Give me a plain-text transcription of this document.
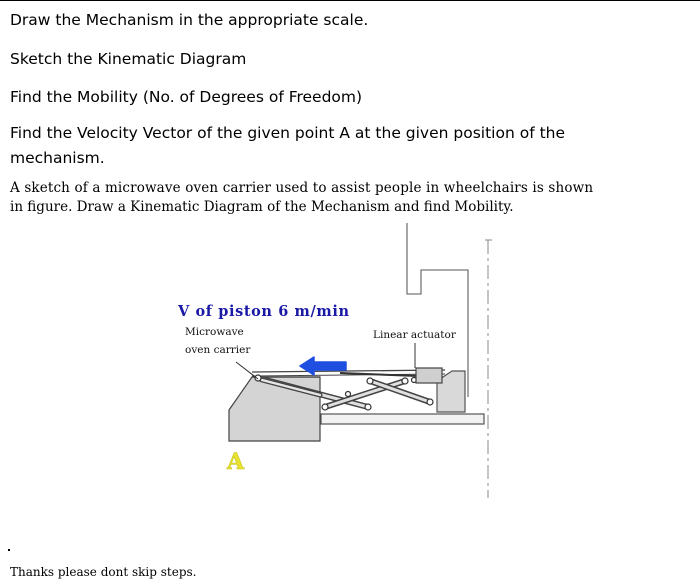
Draw the Mechanism in the appropriate scale.
Sketch the Kinematic Diagram
Find the Mobility (No. of Degrees of Freedom)
Find the Velocity Vector of the given point A at the given position of the
mechanism.
A sketch of a microwave oven carrier used to assist people in wheelchairs is shown
in figure. Draw a Kinematic Diagram of the Mechanism and find Mobility.
V of piston 6 m/min
Microwave
oven carrier
Linear actuator
A
Thanks please dont skip steps.
